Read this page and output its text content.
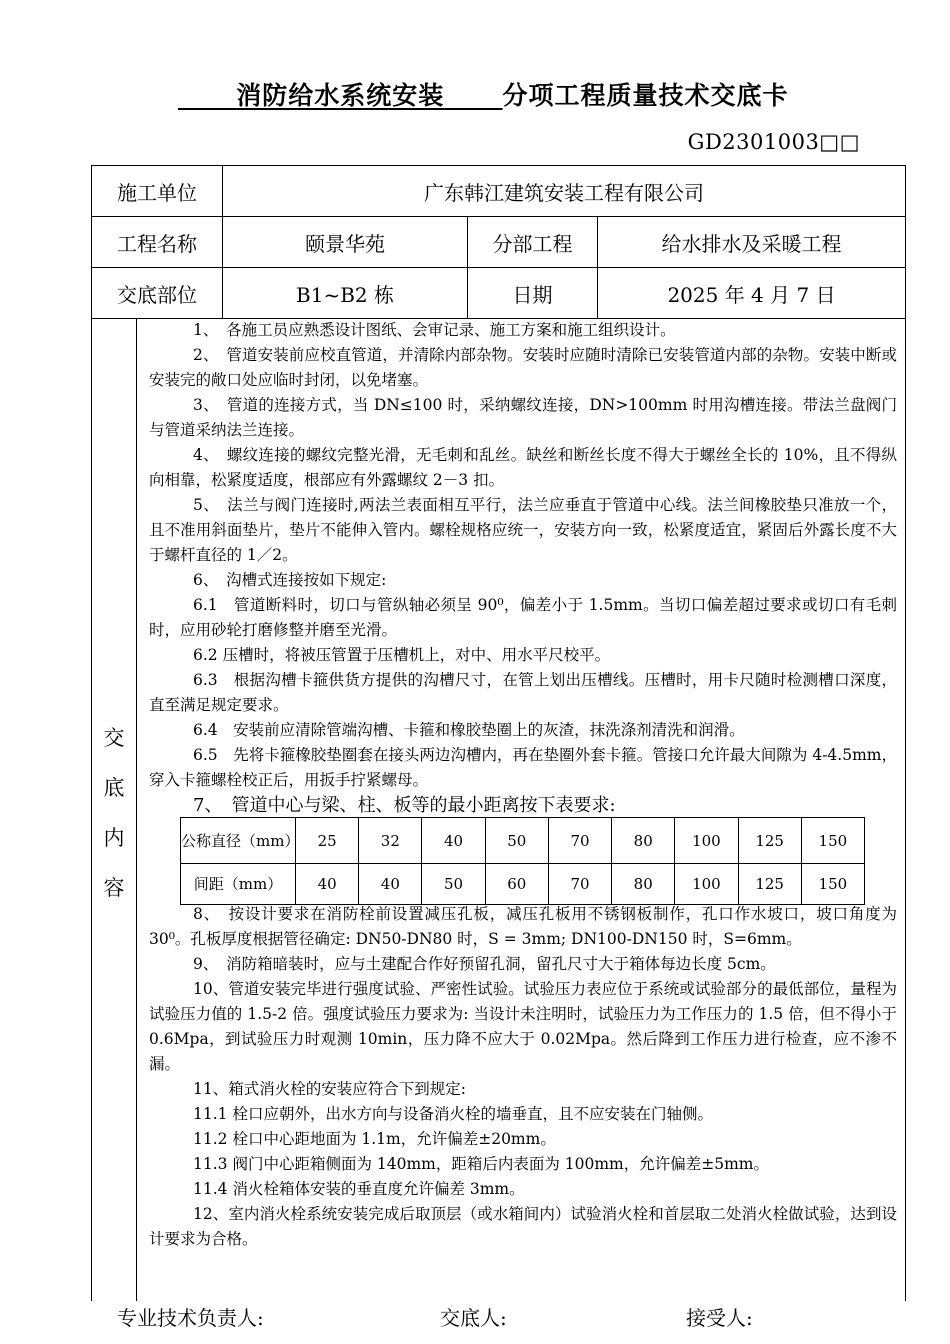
消防给水系统安装 分项工程质量技术交底卡
GD2301003□□
施工单位	广东韩江建筑安装工程有限公司		
工程名称	颐景华苑	分部工程	给水排水及采暖工程
交底部位	B1~B2 栋	日期	2025 年 4 月 7 日
交
底
内
容

1、　各施工员应熟悉设计图纸、会审记录、施工方案和施工组织设计。

2、　管道安装前应校直管道，并清除内部杂物。安装时应随时清除已安装管道内部的杂物。安装中断或安装完的敞口处应临时封闭，以免堵塞。

3、　管道的连接方式，当 DN≤100 时，采纳螺纹连接，DN>100mm 时用沟槽连接。带法兰盘阀门与管道采纳法兰连接。

4、　螺纹连接的螺纹完整光滑，无毛刺和乱丝。缺丝和断丝长度不得大于螺丝全长的 10%，且不得纵向相靠，松紧度适度，根部应有外露螺纹 2－3 扣。

5、　法兰与阀门连接时,两法兰表面相互平行，法兰应垂直于管道中心线。法兰间橡胶垫只准放一个，且不准用斜面垫片，垫片不能伸入管内。螺栓规格应统一，安装方向一致，松紧度适宜，紧固后外露长度不大于螺杆直径的 1／2。

6、　沟槽式连接按如下规定:

6.1　管道断料时，切口与管纵轴必须呈 90⁰，偏差小于 1.5mm。当切口偏差超过要求或切口有毛刺时，应用砂轮打磨修整并磨至光滑。

6.2 压槽时，将被压管置于压槽机上，对中、用水平尺校平。

6.3　根据沟槽卡箍供货方提供的沟槽尺寸，在管上划出压槽线。压槽时，用卡尺随时检测槽口深度，直至满足规定要求。

6.4　安装前应清除管端沟槽、卡箍和橡胶垫圈上的灰渣，抹洗涤剂清洗和润滑。

6.5　先将卡箍橡胶垫圈套在接头两边沟槽内，再在垫圈外套卡箍。管接口允许最大间隙为 4-4.5mm，穿入卡箍螺栓校正后，用扳手拧紧螺母。

7、　管道中心与梁、柱、板等的最小距离按下表要求:

公称直径（mm）	25	32	40	50	70	80	100	125	150
间距（mm）	40	40	50	60	70	80	100	125	150

8、　按设计要求在消防栓前设置减压孔板，减压孔板用不锈钢板制作，孔口作水坡口，坡口角度为 30⁰。孔板厚度根据管径确定: DN50-DN80 时，S = 3mm; DN100-DN150 时，S=6mm。

9、　消防箱暗装时，应与土建配合作好预留孔洞，留孔尺寸大于箱体每边长度 5cm。

10、管道安装完毕进行强度试验、严密性试验。试验压力表应位于系统或试验部分的最低部位，量程为试验压力值的 1.5-2 倍。强度试验压力要求为: 当设计未注明时，试验压力为工作压力的 1.5 倍，但不得小于 0.6Mpa，到试验压力时观测 10min，压力降不应大于 0.02Mpa。然后降到工作压力进行检查，应不渗不漏。

11、箱式消火栓的安装应符合下到规定:

11.1 栓口应朝外，出水方向与设备消火栓的墙垂直，且不应安装在门轴侧。

11.2 栓口中心距地面为 1.1m，允许偏差±20mm。

11.3 阀门中心距箱侧面为 140mm，距箱后内表面为 100mm，允许偏差±5mm。

11.4 消火栓箱体安装的垂直度允许偏差 3mm。

12、室内消火栓系统安装完成后取顶层（或水箱间内）试验消火栓和首层取二处消火栓做试验，达到设计要求为合格。

专业技术负责人:	交底人:	接受人:
